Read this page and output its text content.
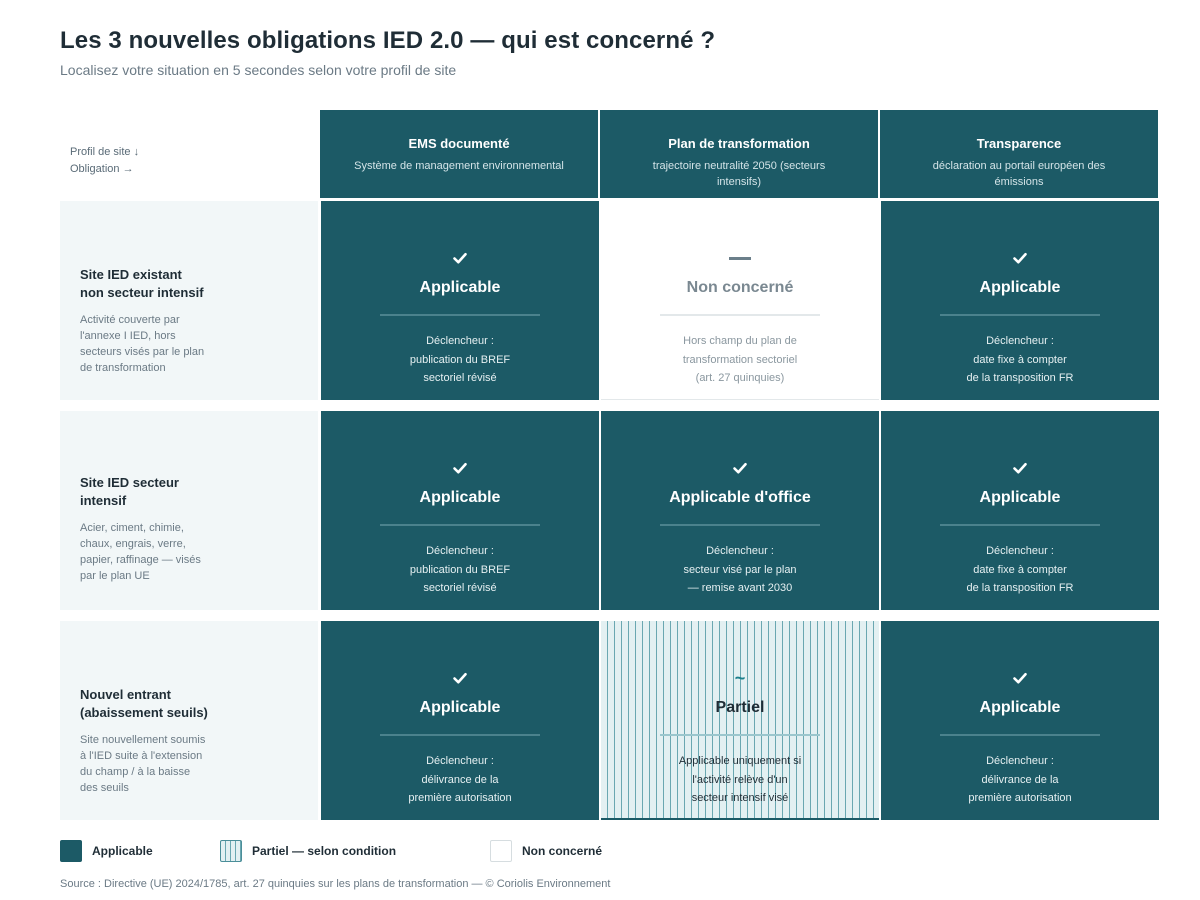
Les 3 nouvelles obligations IED 2.0 — qui est concerné ?
Localisez votre situation en 5 secondes selon votre profil de site
Profil de site ↓
Obligation →
EMS documenté
Système de management environnemental
Plan de transformation
trajectoire neutralité 2050 (secteurs intensifs)
Transparence
déclaration au portail européen des émissions
Site IED existant
non secteur intensif
Activité couverte par l'annexe I IED, hors secteurs visés par le plan de transformation
Applicable
Déclencheur :
publication du BREF
sectoriel révisé
Non concerné
Hors champ du plan de
transformation sectoriel
(art. 27 quinquies)
Applicable
Déclencheur :
date fixe à compter
de la transposition FR
Site IED secteur
intensif
Acier, ciment, chimie, chaux, engrais, verre, papier, raffinage — visés par le plan UE
Applicable
Déclencheur :
publication du BREF
sectoriel révisé
Applicable d'office
Déclencheur :
secteur visé par le plan
— remise avant 2030
Applicable
Déclencheur :
date fixe à compter
de la transposition FR
Nouvel entrant
(abaissement seuils)
Site nouvellement soumis à l'IED suite à l'extension du champ / à la baisse des seuils
Applicable
Déclencheur :
délivrance de la
première autorisation
~
Partiel
Applicable uniquement si
l'activité relève d'un
secteur intensif visé
Applicable
Déclencheur :
délivrance de la
première autorisation
Applicable	Partiel — selon condition	Non concerné
Source : Directive (UE) 2024/1785, art. 27 quinquies sur les plans de transformation — © Coriolis Environnement
